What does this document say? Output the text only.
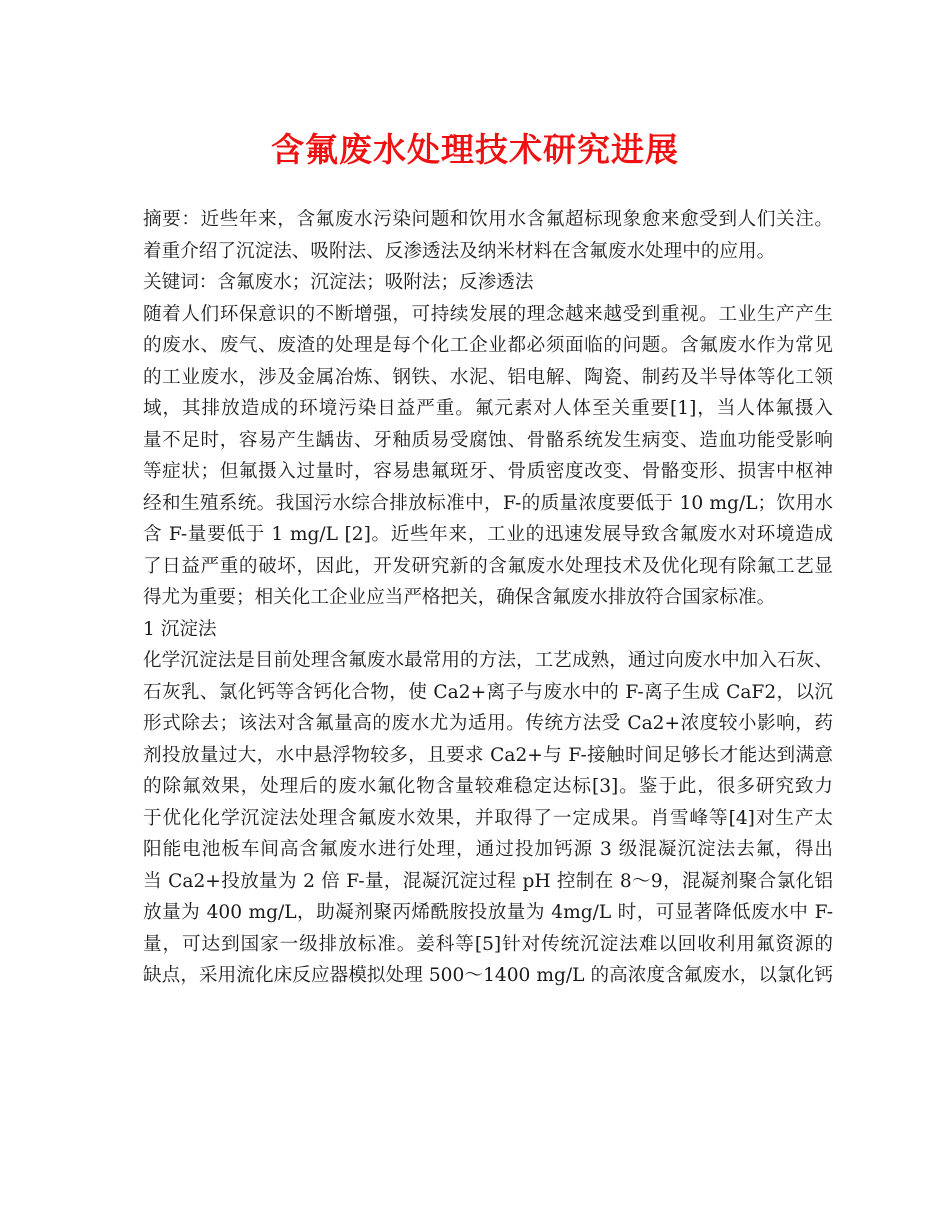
含氟废水处理技术研究进展
摘要：近些年来，含氟废水污染问题和饮用水含氟超标现象愈来愈受到人们关注。
着重介绍了沉淀法、吸附法、反渗透法及纳米材料在含氟废水处理中的应用。
关键词：含氟废水；沉淀法；吸附法；反渗透法
随着人们环保意识的不断增强，可持续发展的理念越来越受到重视。工业生产产生
的废水、废气、废渣的处理是每个化工企业都必须面临的问题。含氟废水作为常见
的工业废水，涉及金属冶炼、钢铁、水泥、铝电解、陶瓷、制药及半导体等化工领
域，其排放造成的环境污染日益严重。氟元素对人体至关重要[1]，当人体氟摄入
量不足时，容易产生龋齿、牙釉质易受腐蚀、骨骼系统发生病变、造血功能受影响
等症状；但氟摄入过量时，容易患氟斑牙、骨质密度改变、骨骼变形、损害中枢神
经和生殖系统。我国污水综合排放标准中，F-的质量浓度要低于 10 mg/L；饮用水
含 F-量要低于 1 mg/L [2]。近些年来，工业的迅速发展导致含氟废水对环境造成
了日益严重的破坏，因此，开发研究新的含氟废水处理技术及优化现有除氟工艺显
得尤为重要；相关化工企业应当严格把关，确保含氟废水排放符合国家标准。
1 沉淀法
化学沉淀法是目前处理含氟废水最常用的方法，工艺成熟，通过向废水中加入石灰、
石灰乳、氯化钙等含钙化合物，使 Ca2+离子与废水中的 F-离子生成 CaF2，以沉
形式除去；该法对含氟量高的废水尤为适用。传统方法受 Ca2+浓度较小影响，药
剂投放量过大，水中悬浮物较多，且要求 Ca2+与 F-接触时间足够长才能达到满意
的除氟效果，处理后的废水氟化物含量较难稳定达标[3]。鉴于此，很多研究致力
于优化化学沉淀法处理含氟废水效果，并取得了一定成果。肖雪峰等[4]对生产太
阳能电池板车间高含氟废水进行处理，通过投加钙源 3 级混凝沉淀法去氟，得出
当 Ca2+投放量为 2 倍 F-量，混凝沉淀过程 pH 控制在 8～9，混凝剂聚合氯化铝
放量为 400 mg/L，助凝剂聚丙烯酰胺投放量为 4mg/L 时，可显著降低废水中 F-
量，可达到国家一级排放标准。姜科等[5]针对传统沉淀法难以回收利用氟资源的
缺点，采用流化床反应器模拟处理 500～1400 mg/L 的高浓度含氟废水，以氯化钙
